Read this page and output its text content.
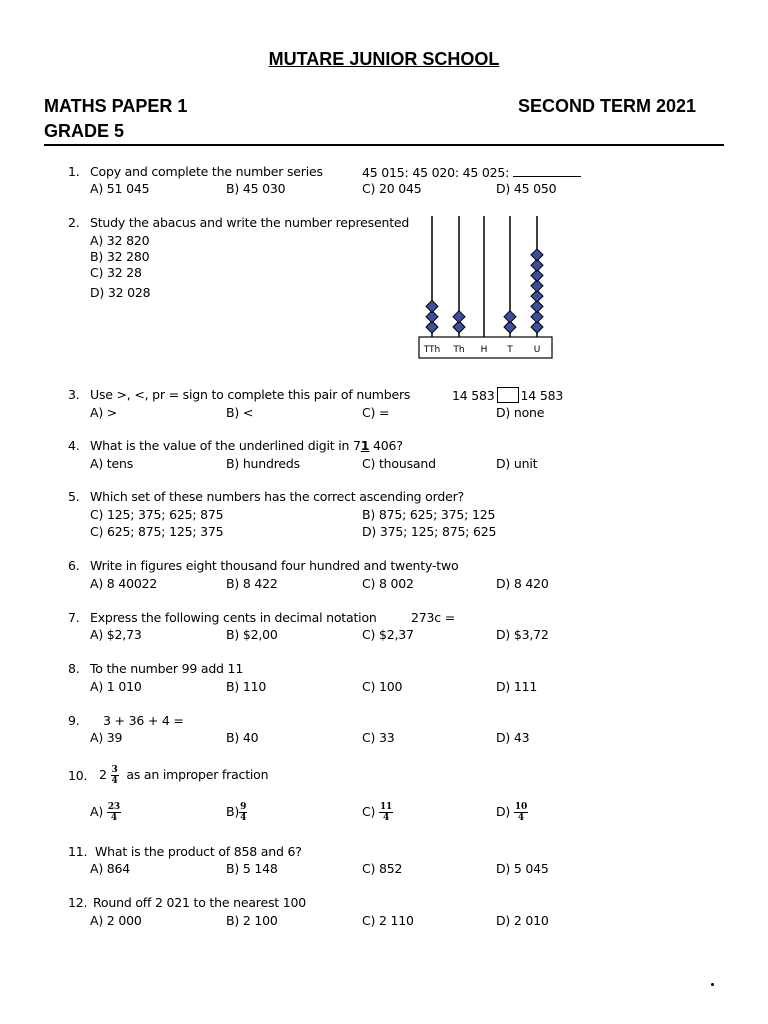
MUTARE JUNIOR SCHOOL
MATHS PAPER 1	SECOND TERM 2021
GRADE 5
1. Copy and complete the number series	45 015: 45 020: 45 025:
A) 51 045	B) 45 030	C) 20 045	D) 45 050
2. Study the abacus and write the number represented
A) 32 820
B) 32 280
C) 32 28
D) 32 028
TTh Th H T U
3. Use >, <, pr = sign to complete this pair of numbers	14 583 14 583
A) >	B) <	C) =	D) none
4. What is the value of the underlined digit in 71 406?
A) tens	B) hundreds	C) thousand	D) unit
5. Which set of these numbers has the correct ascending order?
C) 125; 375; 625; 875	B) 875; 625; 375; 125
C) 625; 875; 125; 375	D) 375; 125; 875; 625
6. Write in figures eight thousand four hundred and twenty-two
A) 8 40022	B) 8 422	C) 8 002	D) 8 420
7. Express the following cents in decimal notation	273c =
A) $2,73	B) $2,00	C) $2,37	D) $3,72
8. To the number 99 add 11
A) 1 010	B) 110	C) 100	D) 111
9. 3 + 36 + 4 =
A) 39	B) 40	C) 33	D) 43
10. $2 \frac{3}{4}$ as an improper fraction
$A) \frac{23}{4}$	$B) \frac{9}{4}$	$C) \frac{11}{4}$	$D) \frac{10}{4}$
11. What is the product of 858 and 6?
A) 864	B) 5 148	C) 852	D) 5 045
12. Round off 2 021 to the nearest 100
A) 2 000	B) 2 100	C) 2 110	D) 2 010
